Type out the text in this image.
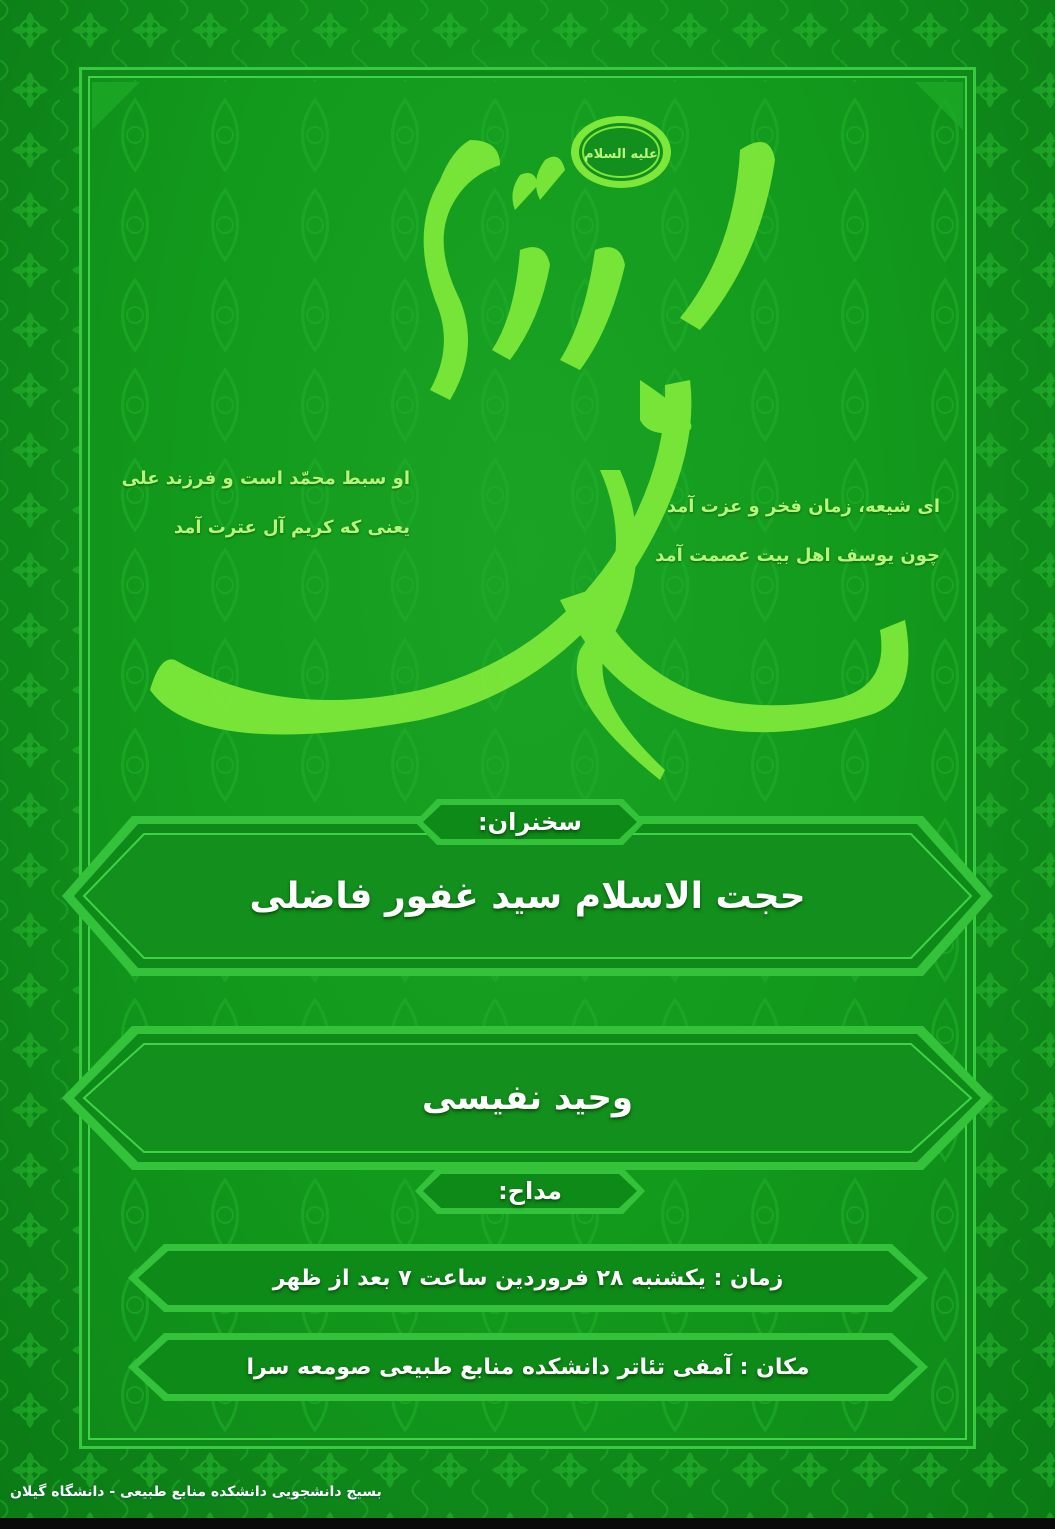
علیه السلام
ای شیعه، زمان فخر و عزت آمد
چون یوسف اهل بیت عصمت آمد
او سبط محمّد است و فرزند علی
یعنی که کریم آل عترت آمد
حجت الاسلام سید غفور فاضلی
سخنران:
وحید نفیسی
مداح:
زمان : یکشنبه ۲۸ فروردین ساعت ۷ بعد از ظهر
مکان : آمفی تئاتر دانشکده منابع طبیعی صومعه سرا
بسیج دانشجویی دانشکده منابع طبیعی - دانشگاه گیلان
